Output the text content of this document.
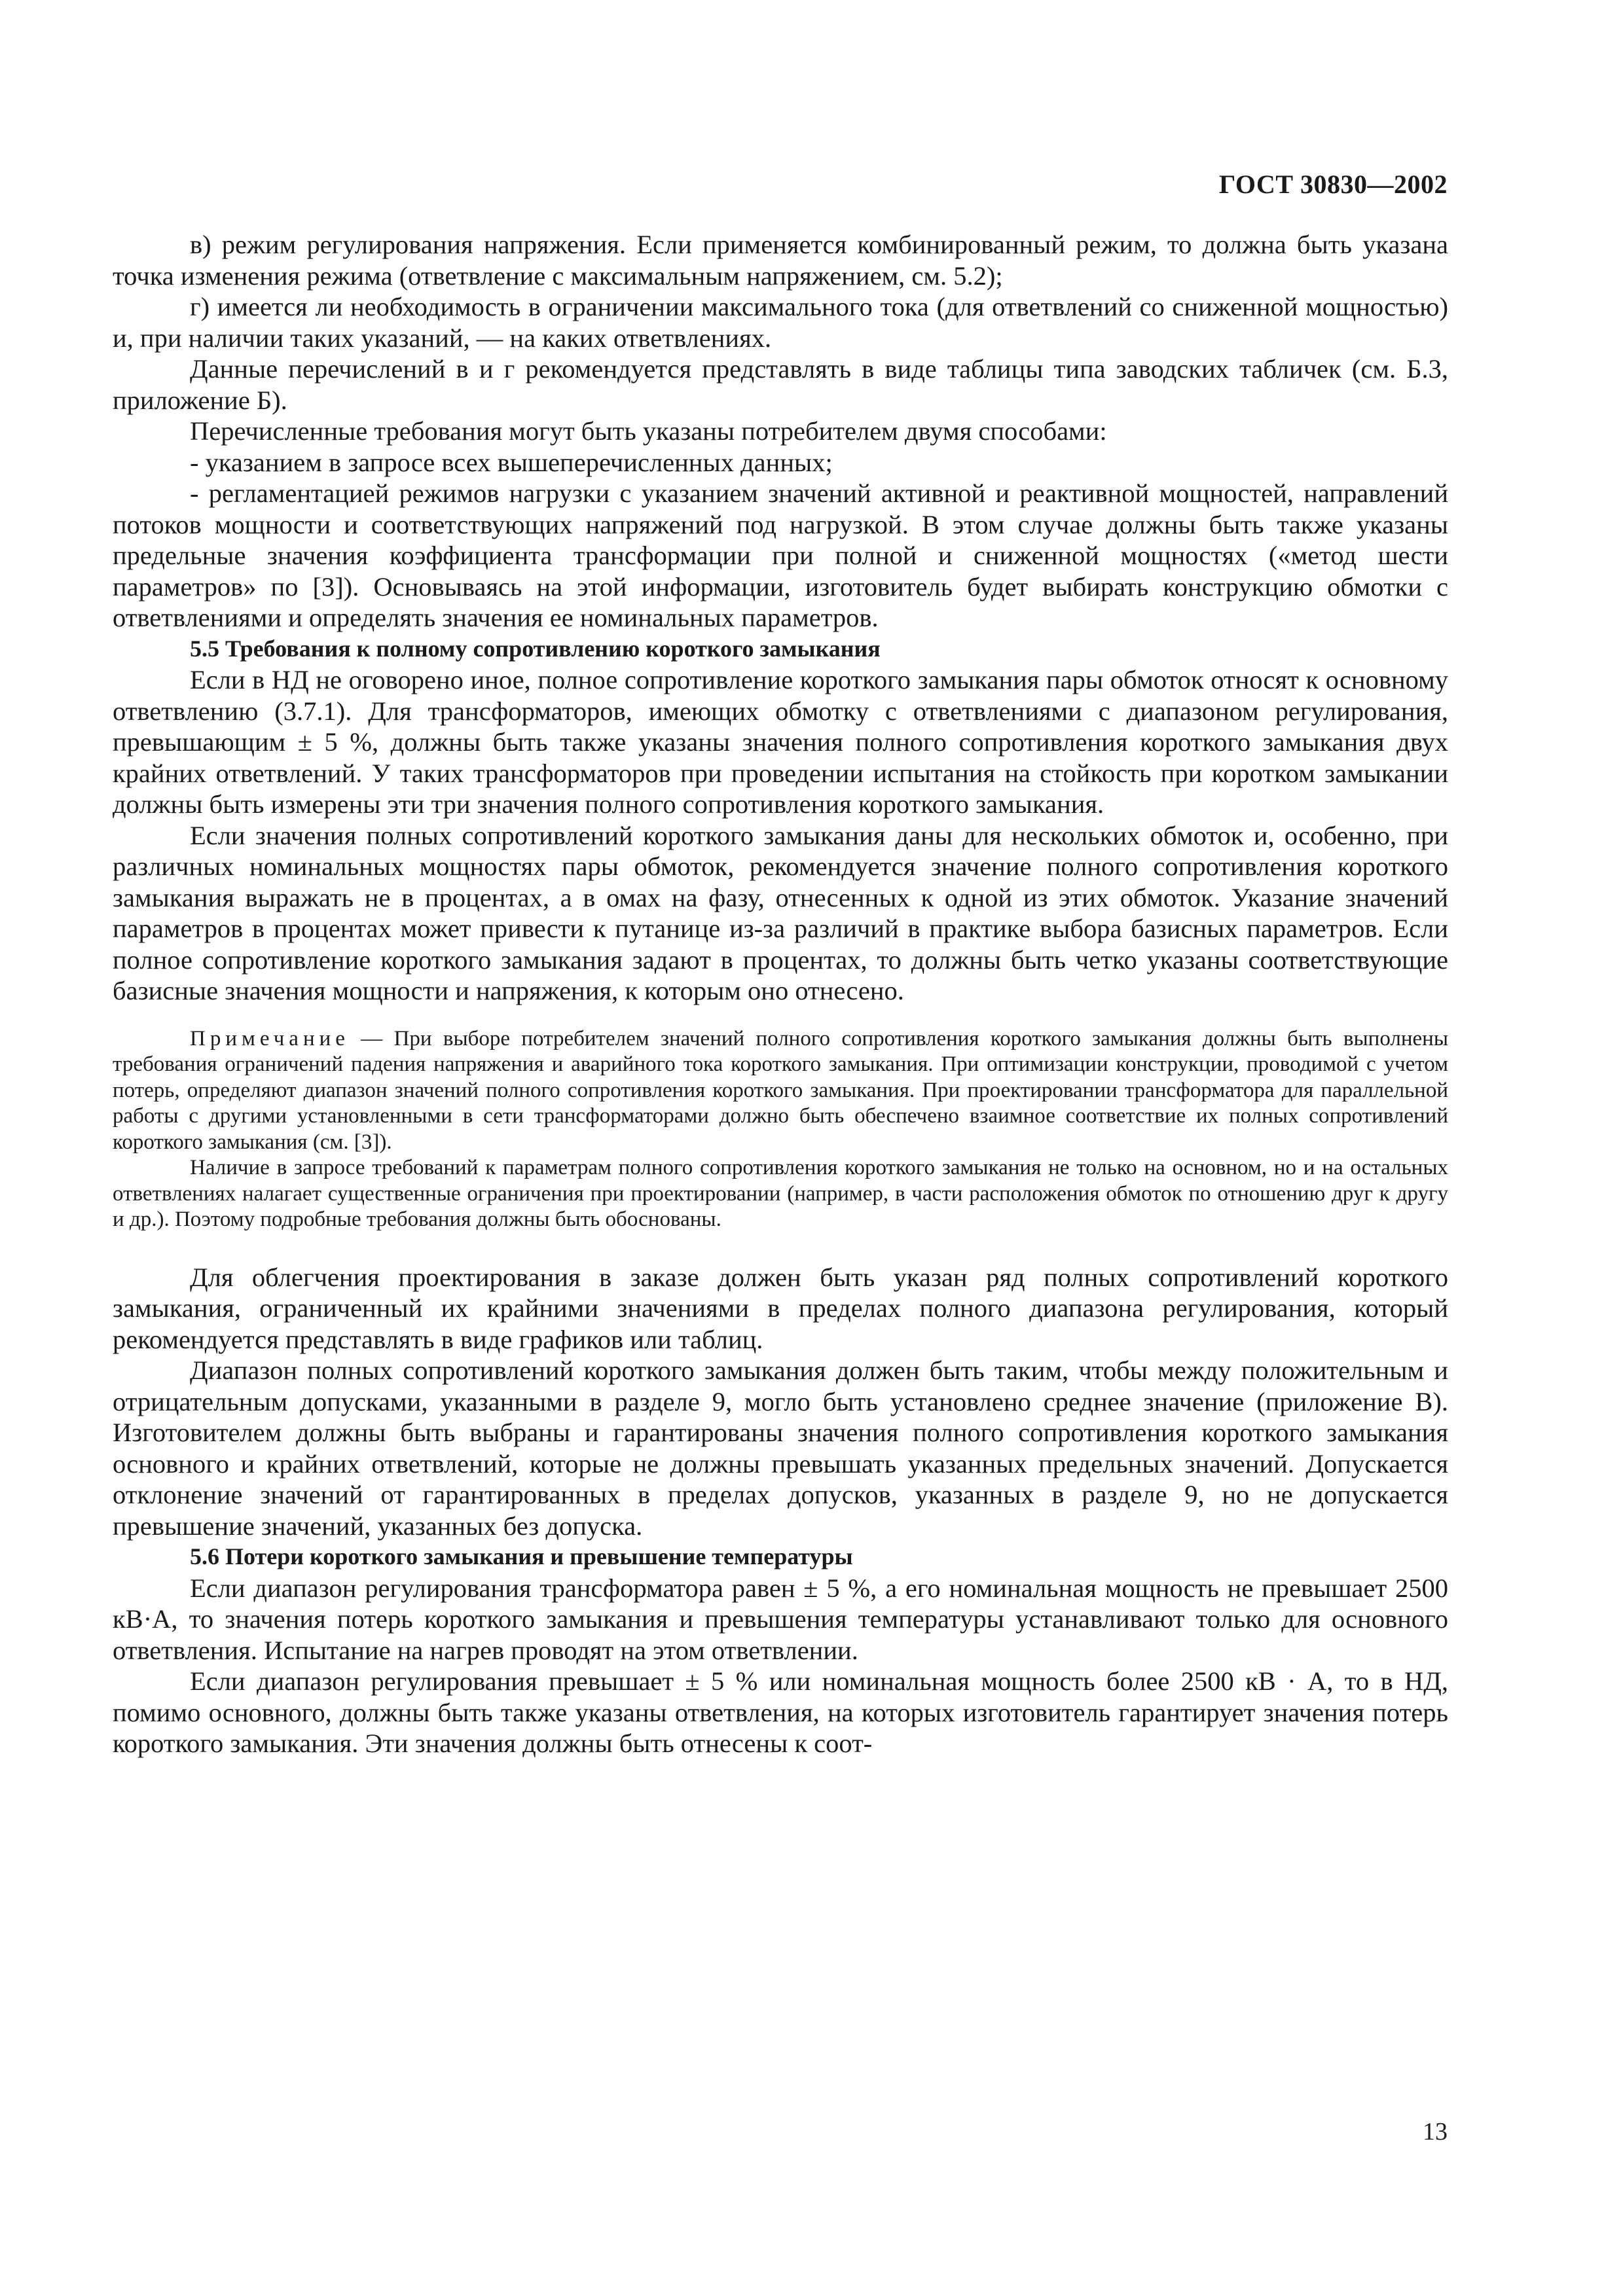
ГОСТ 30830—2002

в) режим регулирования напряжения. Если применяется комбинированный режим, то должна быть указана точка изменения режима (ответвление с максимальным напряжением, см. 5.2);

г) имеется ли необходимость в ограничении максимального тока (для ответвлений со сниженной мощностью) и, при наличии таких указаний, — на каких ответвлениях.

Данные перечислений в и г рекомендуется представлять в виде таблицы типа заводских табличек (см. Б.3, приложение Б).

Перечисленные требования могут быть указаны потребителем двумя способами:

- указанием в запросе всех вышеперечисленных данных;

- регламентацией режимов нагрузки с указанием значений активной и реактивной мощностей, направлений потоков мощности и соответствующих напряжений под нагрузкой. В этом случае должны быть также указаны предельные значения коэффициента трансформации при полной и сниженной мощностях («метод шести параметров» по [3]). Основываясь на этой информации, изготовитель будет выбирать конструкцию обмотки с ответвлениями и определять значения ее номинальных параметров.

5.5 Требования к полному сопротивлению короткого замыкания

Если в НД не оговорено иное, полное сопротивление короткого замыкания пары обмоток относят к основному ответвлению (3.7.1). Для трансформаторов, имеющих обмотку с ответвлениями с диапазоном регулирования, превышающим ± 5 %, должны быть также указаны значения полного сопротивления короткого замыкания двух крайних ответвлений. У таких трансформаторов при проведении испытания на стойкость при коротком замыкании должны быть измерены эти три значения полного сопротивления короткого замыкания.

Если значения полных сопротивлений короткого замыкания даны для нескольких обмоток и, особенно, при различных номинальных мощностях пары обмоток, рекомендуется значение полного сопротивления короткого замыкания выражать не в процентах, а в омах на фазу, отнесенных к одной из этих обмоток. Указание значений параметров в процентах может привести к путанице из-за различий в практике выбора базисных параметров. Если полное сопротивление короткого замыкания задают в процентах, то должны быть четко указаны соответствующие базисные значения мощности и напряжения, к которым оно отнесено.

Примечание — При выборе потребителем значений полного сопротивления короткого замыкания должны быть выполнены требования ограничений падения напряжения и аварийного тока короткого замыкания. При оптимизации конструкции, проводимой с учетом потерь, определяют диапазон значений полного сопротивления короткого замыкания. При проектировании трансформатора для параллельной работы с другими установленными в сети трансформаторами должно быть обеспечено взаимное соответствие их полных сопротивлений короткого замыкания (см. [3]).

Наличие в запросе требований к параметрам полного сопротивления короткого замыкания не только на основном, но и на остальных ответвлениях налагает существенные ограничения при проектировании (например, в части расположения обмоток по отношению друг к другу и др.). Поэтому подробные требования должны быть обоснованы.

Для облегчения проектирования в заказе должен быть указан ряд полных сопротивлений короткого замыкания, ограниченный их крайними значениями в пределах полного диапазона регулирования, который рекомендуется представлять в виде графиков или таблиц.

Диапазон полных сопротивлений короткого замыкания должен быть таким, чтобы между положительным и отрицательным допусками, указанными в разделе 9, могло быть установлено среднее значение (приложение В). Изготовителем должны быть выбраны и гарантированы значения полного сопротивления короткого замыкания основного и крайних ответвлений, которые не должны превышать указанных предельных значений. Допускается отклонение значений от гарантированных в пределах допусков, указанных в разделе 9, но не допускается превышение значений, указанных без допуска.

5.6 Потери короткого замыкания и превышение температуры

Если диапазон регулирования трансформатора равен ± 5 %, а его номинальная мощность не превышает 2500 кВ·А, то значения потерь короткого замыкания и превышения температуры устанавливают только для основного ответвления. Испытание на нагрев проводят на этом ответвлении.

Если диапазон регулирования превышает ± 5 % или номинальная мощность более 2500 кВ · А, то в НД, помимо основного, должны быть также указаны ответвления, на которых изготовитель гарантирует значения потерь короткого замыкания. Эти значения должны быть отнесены к соот-

13
